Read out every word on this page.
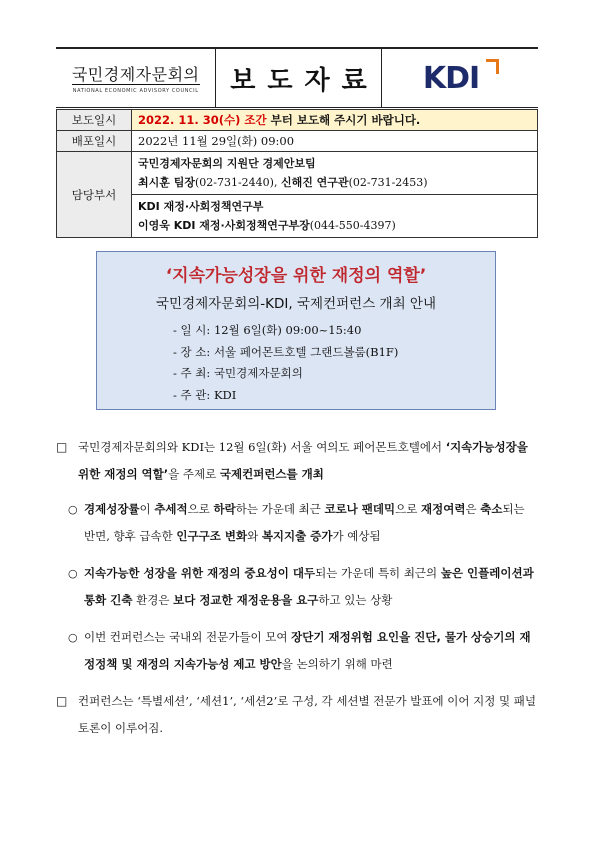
국민경제자문회의
NATIONAL ECONOMIC ADVISORY COUNCIL	보도자료 KDI
보도일시	2022. 11. 30(수) 조간 부터 보도해 주시기 바랍니다.
배포일시	2022년 11월 29일(화) 09:00
담당부서	국민경제자문회의 지원단 경제안보팀
최시훈 팀장(02-731-2440), 신해진 연구관(02-731-2453)

	KDI 재정·사회정책연구부
이영욱 KDI 재정·사회정책연구부장(044-550-4397)
‘지속가능성장을 위한 재정의 역할’
국민경제자문회의-KDI, 국제컨퍼런스 개최 안내
- 일 시: 12월 6일(화) 09:00~15:40
- 장 소: 서울 페어몬트호텔 그랜드볼룸(B1F)
- 주 최: 국민경제자문회의
- 주 관: KDI
□ 국민경제자문회의와 KDI는 12월 6일(화) 서울 여의도 페어몬트호텔에서 ‘지속가능성장을 위한 재정의 역할’을 주제로 국제컨퍼런스를 개최
○ 경제성장률이 추세적으로 하락하는 가운데 최근 코로나 팬데믹으로 재정여력은 축소되는 반면, 향후 급속한 인구구조 변화와 복지지출 증가가 예상됨
○ 지속가능한 성장을 위한 재정의 중요성이 대두되는 가운데 특히 최근의 높은 인플레이션과 통화 긴축 환경은 보다 정교한 재정운용을 요구하고 있는 상황
○ 이번 컨퍼런스는 국내외 전문가들이 모여 장단기 재정위험 요인을 진단, 물가 상승기의 재정정책 및 재정의 지속가능성 제고 방안을 논의하기 위해 마련
□ 컨퍼런스는 ‘특별세션’, ‘세션1’, ‘세션2’로 구성, 각 세션별 전문가 발표에 이어 지정 및 패널토론이 이루어짐.
